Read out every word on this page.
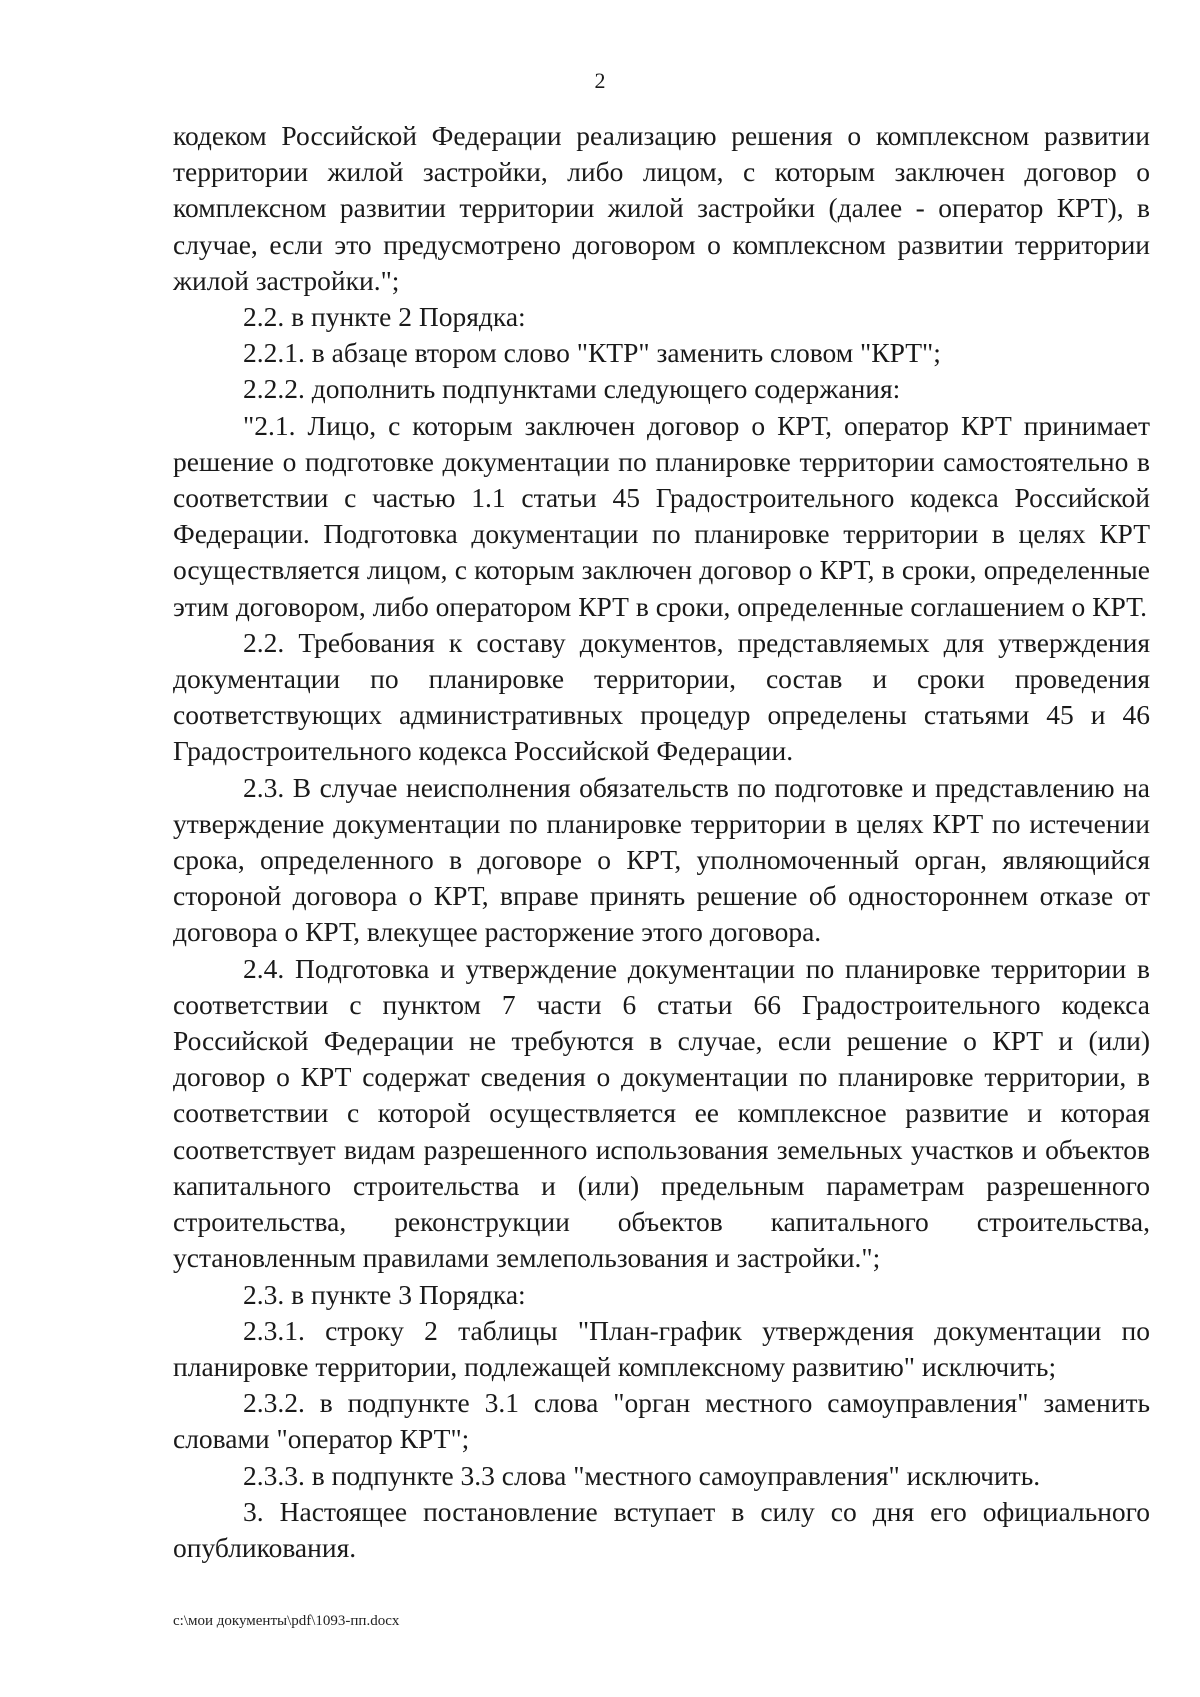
2

кодеком Российской Федерации реализацию решения о комплексном развитии территории жилой застройки, либо лицом, с которым заключен договор о комплексном развитии территории жилой застройки (далее - оператор КРТ), в случае, если это предусмотрено договором о комплексном развитии территории жилой застройки.";

2.2. в пункте 2 Порядка:

2.2.1. в абзаце втором слово "КТР" заменить словом "КРТ";

2.2.2. дополнить подпунктами следующего содержания:

"2.1. Лицо, с которым заключен договор о КРТ, оператор КРТ принимает решение о подготовке документации по планировке территории самостоятельно в соответствии с частью 1.1 статьи 45 Градостроительного кодекса Российской Федерации. Подготовка документации по планировке территории в целях КРТ осуществляется лицом, с которым заключен договор о КРТ, в сроки, определенные этим договором, либо оператором КРТ в сроки, определенные соглашением о КРТ.

2.2. Требования к составу документов, представляемых для утверждения документации по планировке территории, состав и сроки проведения соответствующих административных процедур определены статьями 45 и 46 Градостроительного кодекса Российской Федерации.

2.3. В случае неисполнения обязательств по подготовке и представлению на утверждение документации по планировке территории в целях КРТ по истечении срока, определенного в договоре о КРТ, уполномоченный орган, являющийся стороной договора о КРТ, вправе принять решение об одностороннем отказе от договора о КРТ, влекущее расторжение этого договора.

2.4. Подготовка и утверждение документации по планировке территории в соответствии с пунктом 7 части 6 статьи 66 Градостроительного кодекса Российской Федерации не требуются в случае, если решение о КРТ и (или) договор о КРТ содержат сведения о документации по планировке территории, в соответствии с которой осуществляется ее комплексное развитие и которая соответствует видам разрешенного использования земельных участков и объектов капитального строительства и (или) предельным параметрам разрешенного строительства, реконструкции объектов капитального строительства, установленным правилами землепользования и застройки.";

2.3. в пункте 3 Порядка:

2.3.1. строку 2 таблицы "План-график утверждения документации по планировке территории, подлежащей комплексному развитию" исключить;

2.3.2. в подпункте 3.1 слова "орган местного самоуправления" заменить словами "оператор КРТ";

2.3.3. в подпункте 3.3 слова "местного самоуправления" исключить.

3. Настоящее постановление вступает в силу со дня его официального опубликования.

c:\мои документы\pdf\1093-пп.docx
